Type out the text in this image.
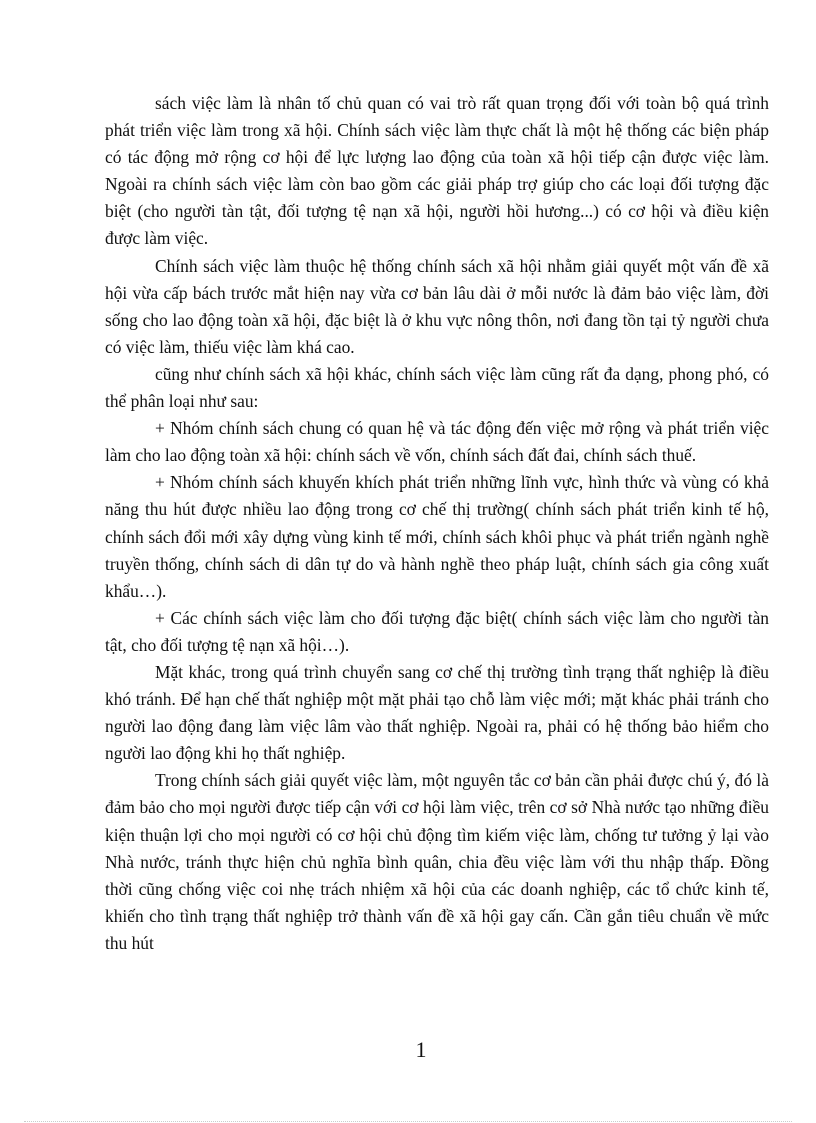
sách việc làm là nhân tố chủ quan có vai trò rất quan trọng đối với toàn bộ quá trình phát triển việc làm trong xã hội. Chính sách việc làm thực chất là một hệ thống các biện pháp có tác động mở rộng cơ hội để lực lượng lao động của toàn xã hội tiếp cận được việc làm. Ngoài ra chính sách việc làm còn bao gồm các giải pháp trợ giúp cho các loại đối tượng đặc biệt (cho người tàn tật, đối tượng tệ nạn xã hội, người hồi hương...) có cơ hội và điều kiện được làm việc.

Chính sách việc làm thuộc hệ thống chính sách xã hội nhằm giải quyết một vấn đề xã hội vừa cấp bách trước mắt hiện nay vừa cơ bản lâu dài ở mỗi nước là đảm bảo việc làm, đời sống cho lao động toàn xã hội, đặc biệt là ở khu vực nông thôn, nơi đang tồn tại tỷ người chưa có việc làm, thiếu việc làm khá cao.

cũng như chính sách xã hội khác, chính sách việc làm cũng rất đa dạng, phong phó, có thể phân loại như sau:

+ Nhóm chính sách chung có quan hệ và tác động đến việc mở rộng và phát triển việc làm cho lao động toàn xã hội: chính sách về vốn, chính sách đất đai, chính sách thuế.

+ Nhóm chính sách khuyến khích phát triển những lĩnh vực, hình thức và vùng có khả năng thu hút được nhiều lao động trong cơ chế thị trường( chính sách phát triển kinh tế hộ, chính sách đổi mới xây dựng vùng kinh tế mới, chính sách khôi phục và phát triển ngành nghề truyền thống, chính sách di dân tự do và hành nghề theo pháp luật, chính sách gia công xuất khẩu…).

+ Các chính sách việc làm cho đối tượng đặc biệt( chính sách việc làm cho người tàn tật, cho đối tượng tệ nạn xã hội…).

Mặt khác, trong quá trình chuyển sang cơ chế thị trường tình trạng thất nghiệp là điều khó tránh. Để hạn chế thất nghiệp một mặt phải tạo chỗ làm việc mới; mặt khác phải tránh cho người lao động đang làm việc lâm vào thất nghiệp. Ngoài ra, phải có hệ thống bảo hiểm cho người lao động khi họ thất nghiệp.

Trong chính sách giải quyết việc làm, một nguyên tắc cơ bản cần phải được chú ý, đó là đảm bảo cho mọi người được tiếp cận với cơ hội làm việc, trên cơ sở Nhà nước tạo những điều kiện thuận lợi cho mọi người có cơ hội chủ động tìm kiếm việc làm, chống tư tưởng ỷ lại vào Nhà nước, tránh thực hiện chủ nghĩa bình quân, chia đều việc làm với thu nhập thấp. Đồng thời cũng chống việc coi nhẹ trách nhiệm xã hội của các doanh nghiệp, các tổ chức kinh tế, khiến cho tình trạng thất nghiệp trở thành vấn đề xã hội gay cấn. Cần gắn tiêu chuẩn về mức thu hút

1
